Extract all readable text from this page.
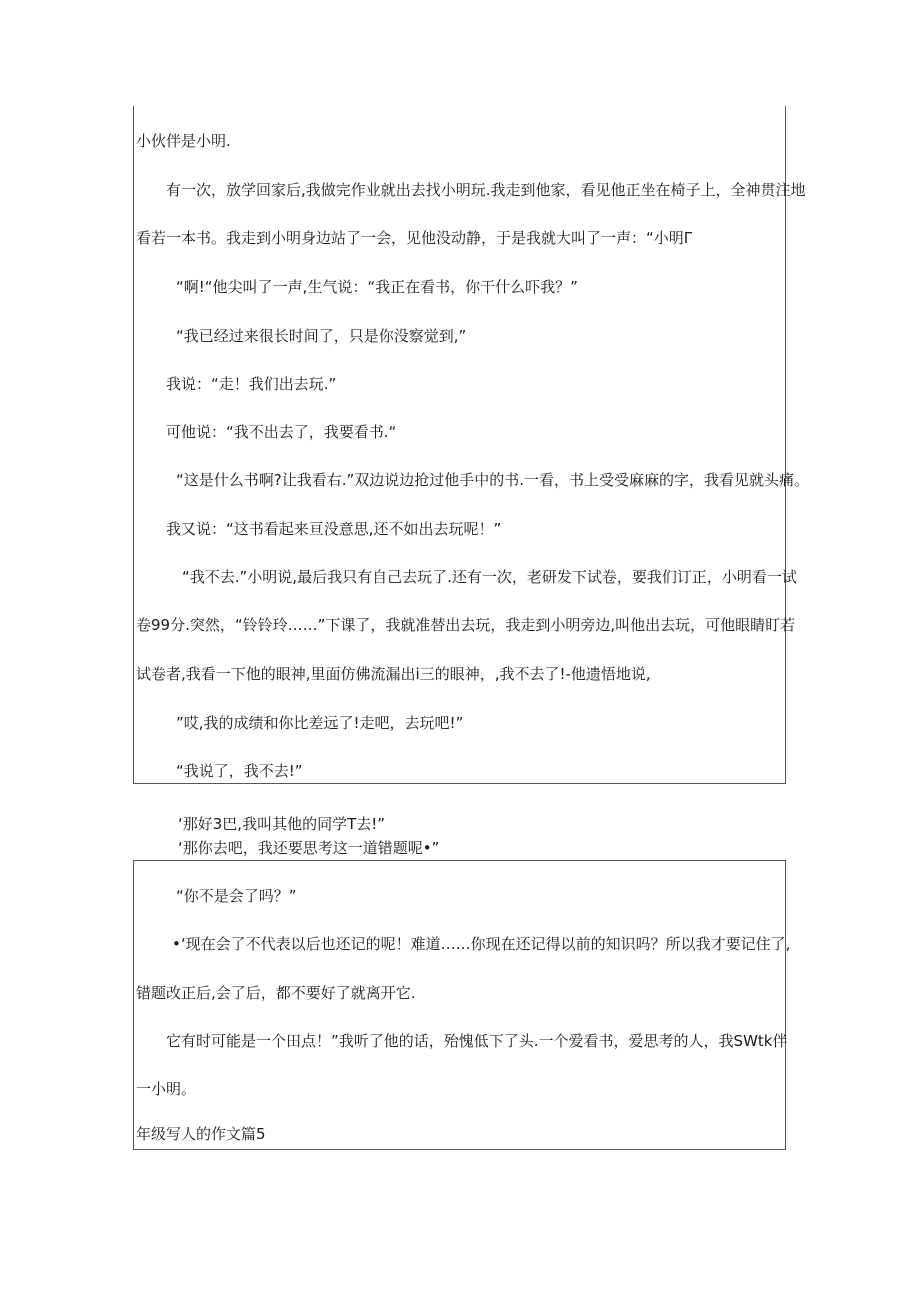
小伙伴是小明.
有一次，放学回家后,我做完作业就出去找小明玩.我走到他家，看见他正坐在椅子上，全神贯注地
看若一本书。我走到小明身边站了一会，见他没动静，于是我就大叫了一声：“小明Γ
“啊!“他尖叫了一声,生气说：“我正在看书，你干什么吓我？”
“我已经过来很长时间了，只是你没察觉到,”
我说：“走！我们出去玩.”
可他说：“我不出去了，我要看书.“
“这是什么书啊?让我看右.”双边说边抢过他手中的书.一看，书上受受麻麻的字，我看见就头痛。
我又说：“这书看起来亘没意思,还不如出去玩呢！”
“我不去.”小明说,最后我只有自己去玩了.还有一次，老研发下试卷，要我们订正，小明看一试
卷99分.突然，“铃铃玲……”下课了，我就准替出去玩，我走到小明旁边,叫他出去玩，可他眼睛盯若
试卷者,我看一下他的眼神,里面仿佛流漏出i三的眼神，,我不去了!-他遗悟地说,
”哎,我的成绩和你比差远了!走吧，去玩吧!”
“我说了，我不去!”
‘那好3巴,我叫其他的同学T去!”
‘那你去吧，我还要思考这一道错题呢•”
“你不是会了吗？”
•‘现在会了不代表以后也还记的呢！难道……你现在还记得以前的知识吗？所以我才要记住了,
错题改正后,会了后，都不要好了就离开它.
它有时可能是一个田点！”我听了他的话，殆愧低下了头.一个爱看书，爱思考的人，我SWtk伴
一小明。
年级写人的作文篇5
